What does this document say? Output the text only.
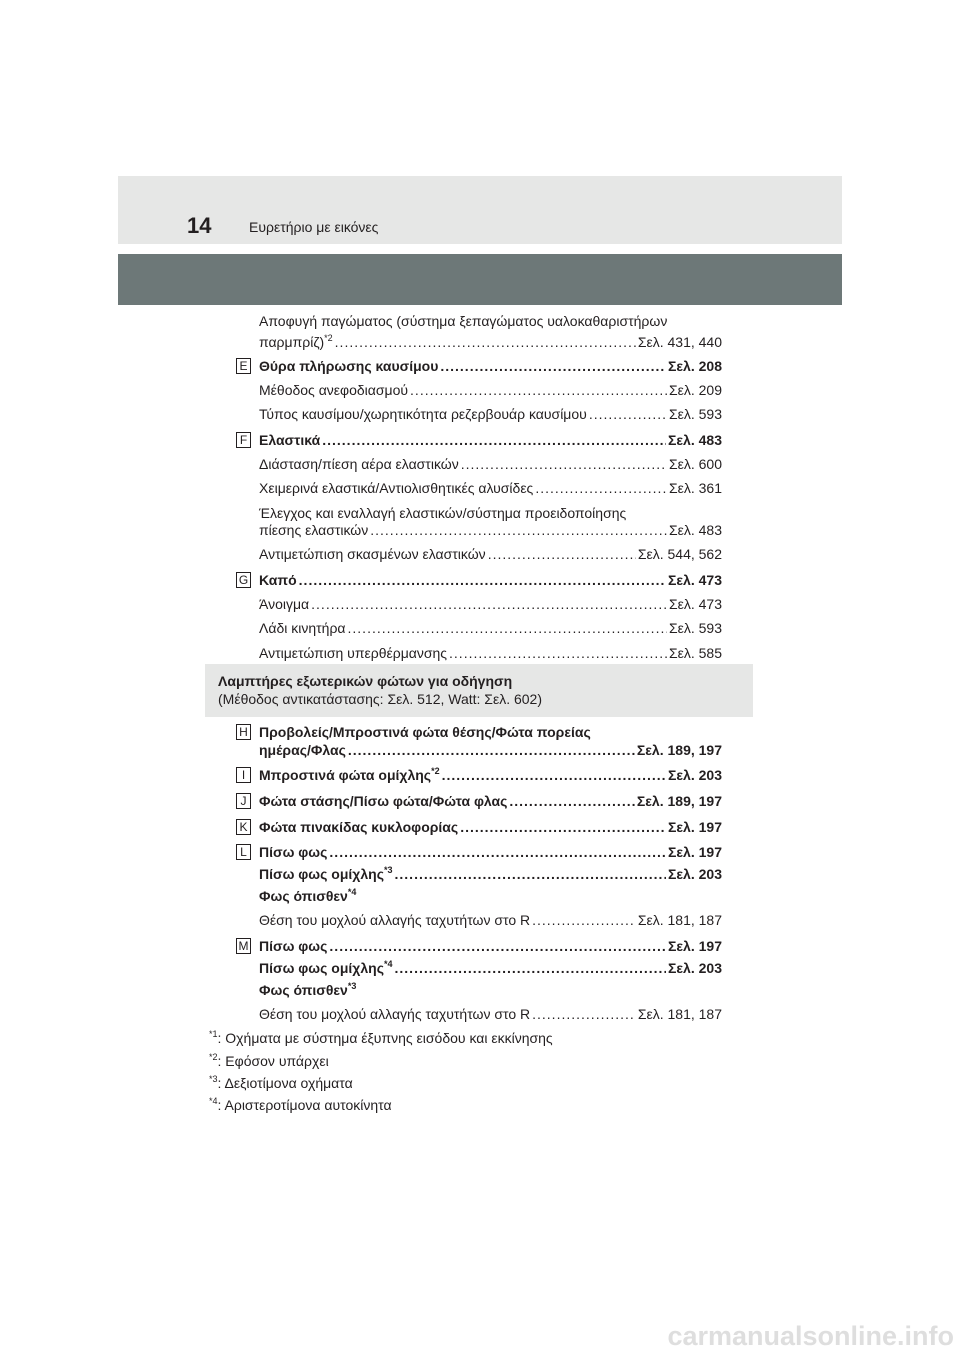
14	Ευρετήριο με εικόνες
Αποφυγή παγώματος (σύστημα ξεπαγώματος υαλοκαθαριστήρων
παρμπρίζ)$^{*2}$ .....	Σελ. 431, 440
E Θύρα πλήρωσης καυσίμου .....	Σελ. 208
Μέθοδος ανεφοδιασμού .....	Σελ. 209
Τύπος καυσίμου/χωρητικότητα ρεζερβουάρ καυσίμου .....	Σελ. 593
F Ελαστικά .....	Σελ. 483
Διάσταση/πίεση αέρα ελαστικών .....	Σελ. 600
Χειμερινά ελαστικά/Αντιολισθητικές αλυσίδες .....	Σελ. 361
Έλεγχος και εναλλαγή ελαστικών/σύστημα προειδοποίησης
πίεσης ελαστικών .....	Σελ. 483
Αντιμετώπιση σκασμένων ελαστικών .....	Σελ. 544, 562
G Καπό .....	Σελ. 473
Άνοιγμα .....	Σελ. 473
Λάδι κινητήρα .....	Σελ. 593
Αντιμετώπιση υπερθέρμανσης .....	Σελ. 585
Λαμπτήρες εξωτερικών φώτων για οδήγηση
(Μέθοδος αντικατάστασης: Σελ. 512, Watt: Σελ. 602)
H Προβολείς/Μπροστινά φώτα θέσης/Φώτα πορείας
ημέρας/Φλας .....	Σελ. 189, 197
I Μπροστινά φώτα ομίχλης$^{*2}$ .....	Σελ. 203
J Φώτα στάσης/Πίσω φώτα/Φώτα φλας .....	Σελ. 189, 197
K Φώτα πινακίδας κυκλοφορίας .....	Σελ. 197
L Πίσω φως .....	Σελ. 197
Πίσω φως ομίχλης$^{*3}$ .....	Σελ. 203
Φως όπισθεν$^{*4}$
Θέση του μοχλού αλλαγής ταχυτήτων στο R .....	Σελ. 181, 187
M Πίσω φως .....	Σελ. 197
Πίσω φως ομίχλης$^{*4}$ .....	Σελ. 203
Φως όπισθεν$^{*3}$
Θέση του μοχλού αλλαγής ταχυτήτων στο R .....	Σελ. 181, 187
$^{*1}$: Οχήματα με σύστημα έξυπνης εισόδου και εκκίνησης
$^{*2}$: Εφόσον υπάρχει
$^{*3}$: Δεξιοτίμονα οχήματα
$^{*4}$: Αριστεροτίμονα αυτοκίνητα
carmanualsonline.info
